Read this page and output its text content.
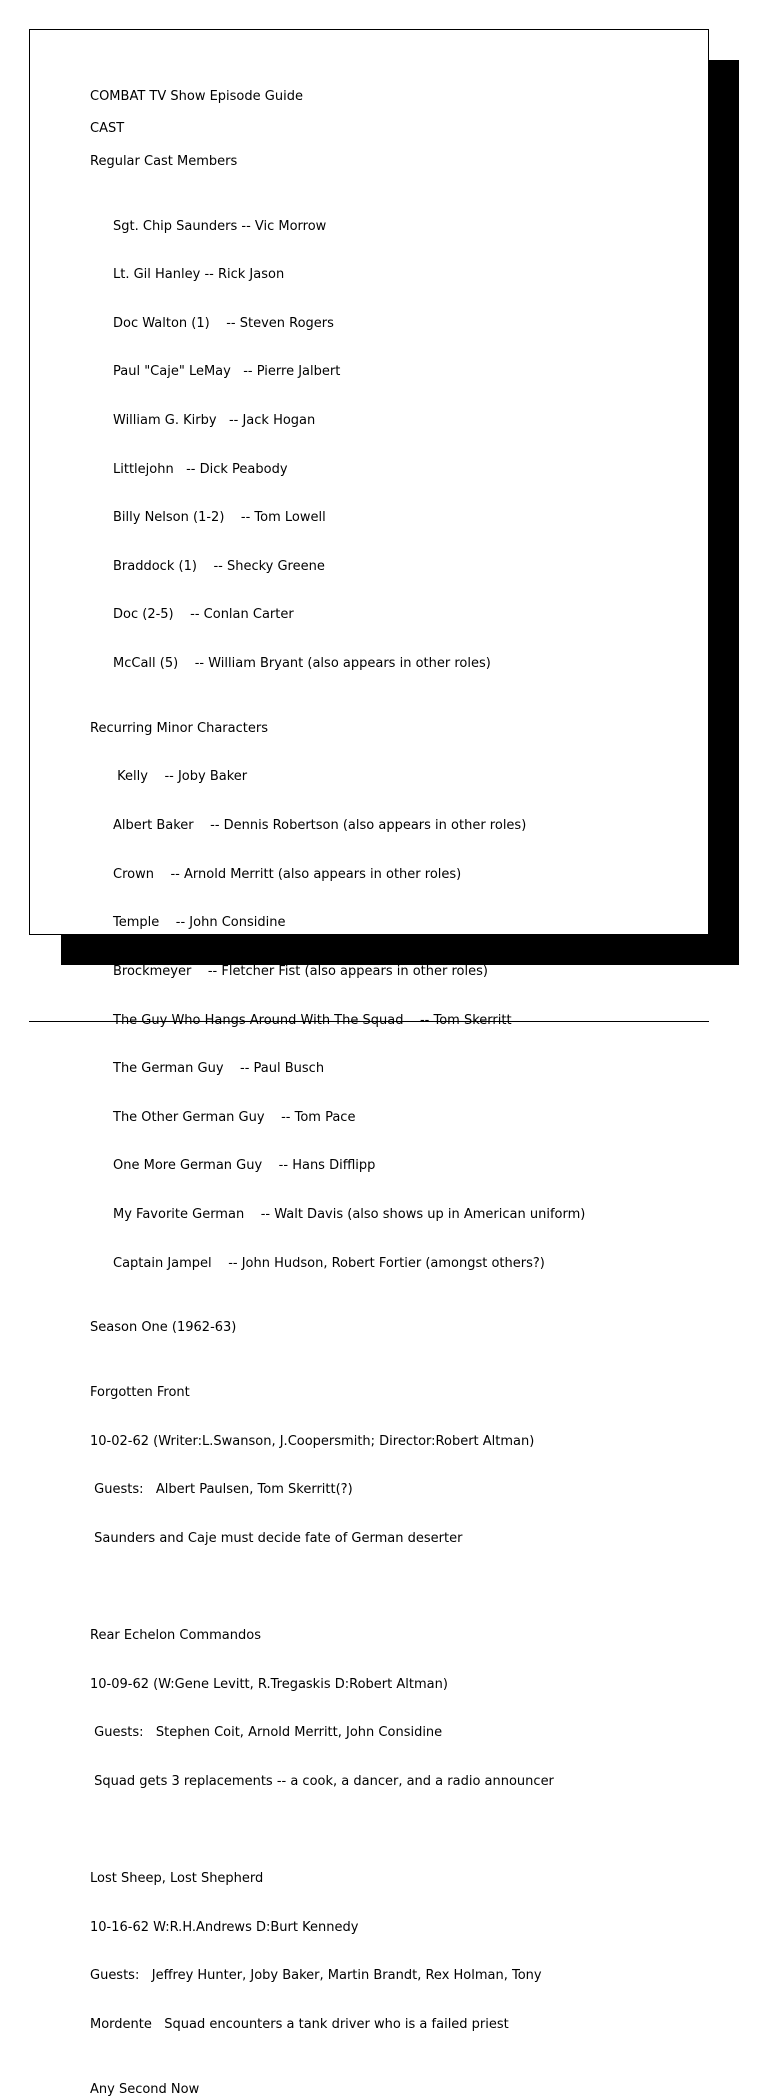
COMBAT TV Show Episode Guide
CAST
Regular Cast Members

Sgt. Chip Saunders -- Vic Morrow

Lt. Gil Hanley -- Rick Jason

Doc Walton (1)    -- Steven Rogers

Paul "Caje" LeMay   -- Pierre Jalbert

William G. Kirby   -- Jack Hogan

Littlejohn   -- Dick Peabody

Billy Nelson (1-2)    -- Tom Lowell

Braddock (1)    -- Shecky Greene

Doc (2-5)    -- Conlan Carter

McCall (5)    -- William Bryant (also appears in other roles)

Recurring Minor Characters

Kelly    -- Joby Baker

Albert Baker    -- Dennis Robertson (also appears in other roles)

Crown    -- Arnold Merritt (also appears in other roles)

Temple    -- John Considine

Brockmeyer    -- Fletcher Fist (also appears in other roles)

The German Guy    -- Paul Busch

The Other German Guy    -- Tom Pace

One More German Guy    -- Hans Difflipp

My Favorite German    -- Walt Davis (also shows up in American uniform)

Captain Jampel    -- John Hudson, Robert Fortier (amongst others?)

Season One (1962-63)

Forgotten Front

10-02-62 (Writer:L.Swanson, J.Coopersmith; Director:Robert Altman)

Guests:   Albert Paulsen, Tom Skerritt(?)

Saunders and Caje must decide fate of German deserter

Rear Echelon Commandos

10-09-62 (W:Gene Levitt, R.Tregaskis D:Robert Altman)

Guests:   Stephen Coit, Arnold Merritt, John Considine

Squad gets 3 replacements -- a cook, a dancer, and a radio announcer

Lost Sheep, Lost Shepherd

10-16-62 W:R.H.Andrews D:Burt Kennedy

Guests:   Jeffrey Hunter, Joby Baker, Martin Brandt, Rex Holman, Tony

Mordente   Squad encounters a tank driver who is a failed priest

Any Second Now
